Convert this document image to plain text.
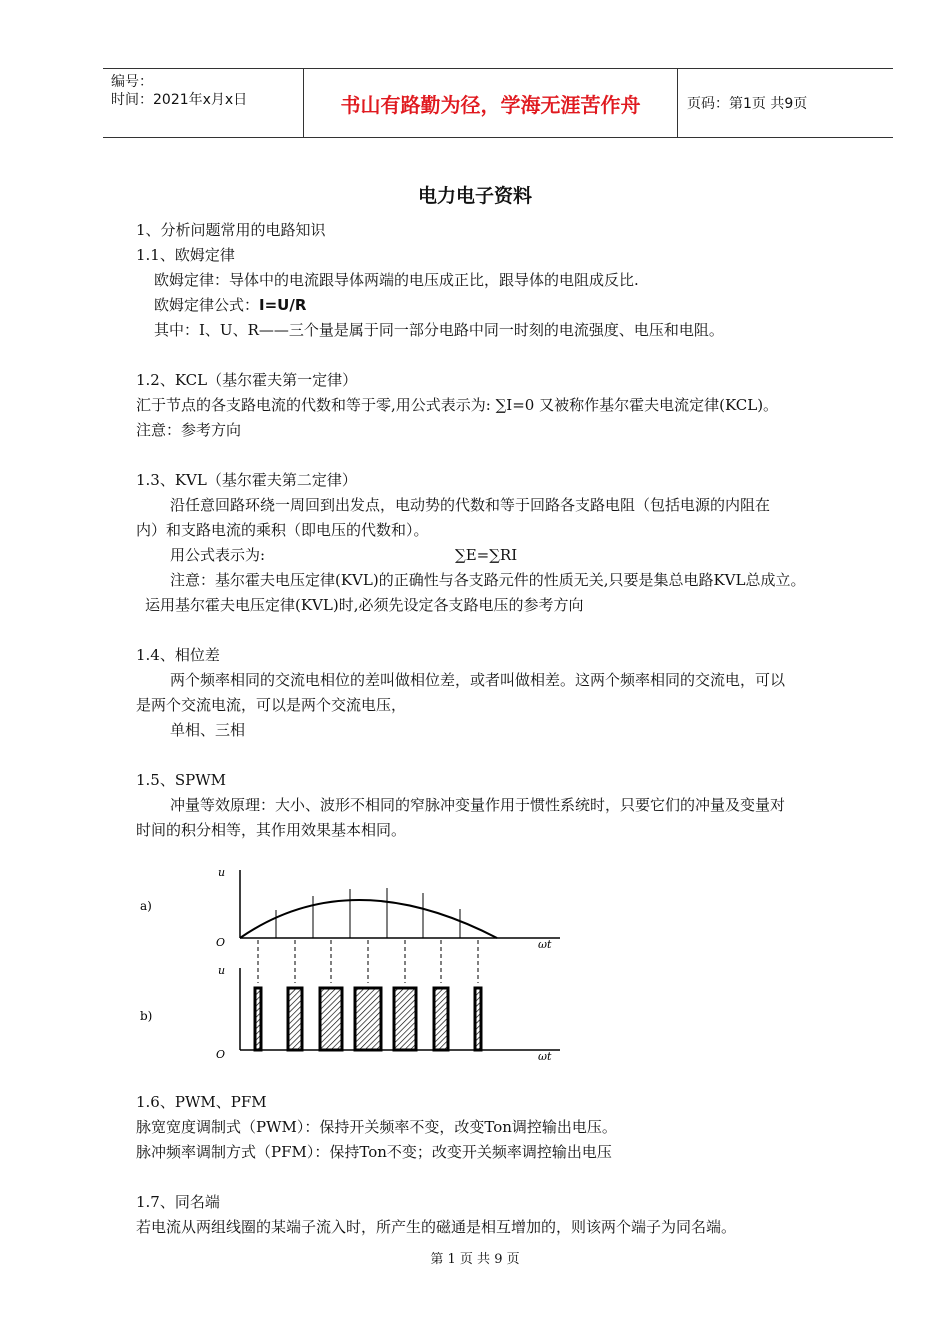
编号：
时间：2021年x月x日	书山有路勤为径，学海无涯苦作舟	页码：第1页 共9页
电力电子资料
1、分析问题常用的电路知识
1.1、欧姆定律
欧姆定律：导体中的电流跟导体两端的电压成正比，跟导体的电阻成反比.
欧姆定律公式：I=U/R
其中：I、U、R——三个量是属于同一部分电路中同一时刻的电流强度、电压和电阻。
1.2、KCL（基尔霍夫第一定律）
汇于节点的各支路电流的代数和等于零,用公式表示为: ∑I=0 又被称作基尔霍夫电流定律(KCL)。
注意：参考方向
1.3、KVL（基尔霍夫第二定律）
沿任意回路环绕一周回到出发点，电动势的代数和等于回路各支路电阻（包括电源的内阻在
内）和支路电流的乘积（即电压的代数和）。
用公式表示为:	∑E=∑RI
注意：基尔霍夫电压定律(KVL)的正确性与各支路元件的性质无关,只要是集总电路KVL总成立。
运用基尔霍夫电压定律(KVL)时,必须先设定各支路电压的参考方向
1.4、相位差
两个频率相同的交流电相位的差叫做相位差，或者叫做相差。这两个频率相同的交流电，可以
是两个交流电流，可以是两个交流电压，
单相、三相
1.5、SPWM
冲量等效原理：大小、波形不相同的窄脉冲变量作用于惯性系统时，只要它们的冲量及变量对
时间的积分相等，其作用效果基本相同。
a)
b)
u
O	ωt
u
O	ωt
1.6、PWM、PFM
脉宽宽度调制式（PWM）：保持开关频率不变，改变Ton调控输出电压。
脉冲频率调制方式（PFM）：保持Ton不变；改变开关频率调控输出电压
1.7、同名端
若电流从两组线圈的某端子流入时，所产生的磁通是相互增加的，则该两个端子为同名端。
第 1 页 共 9 页
